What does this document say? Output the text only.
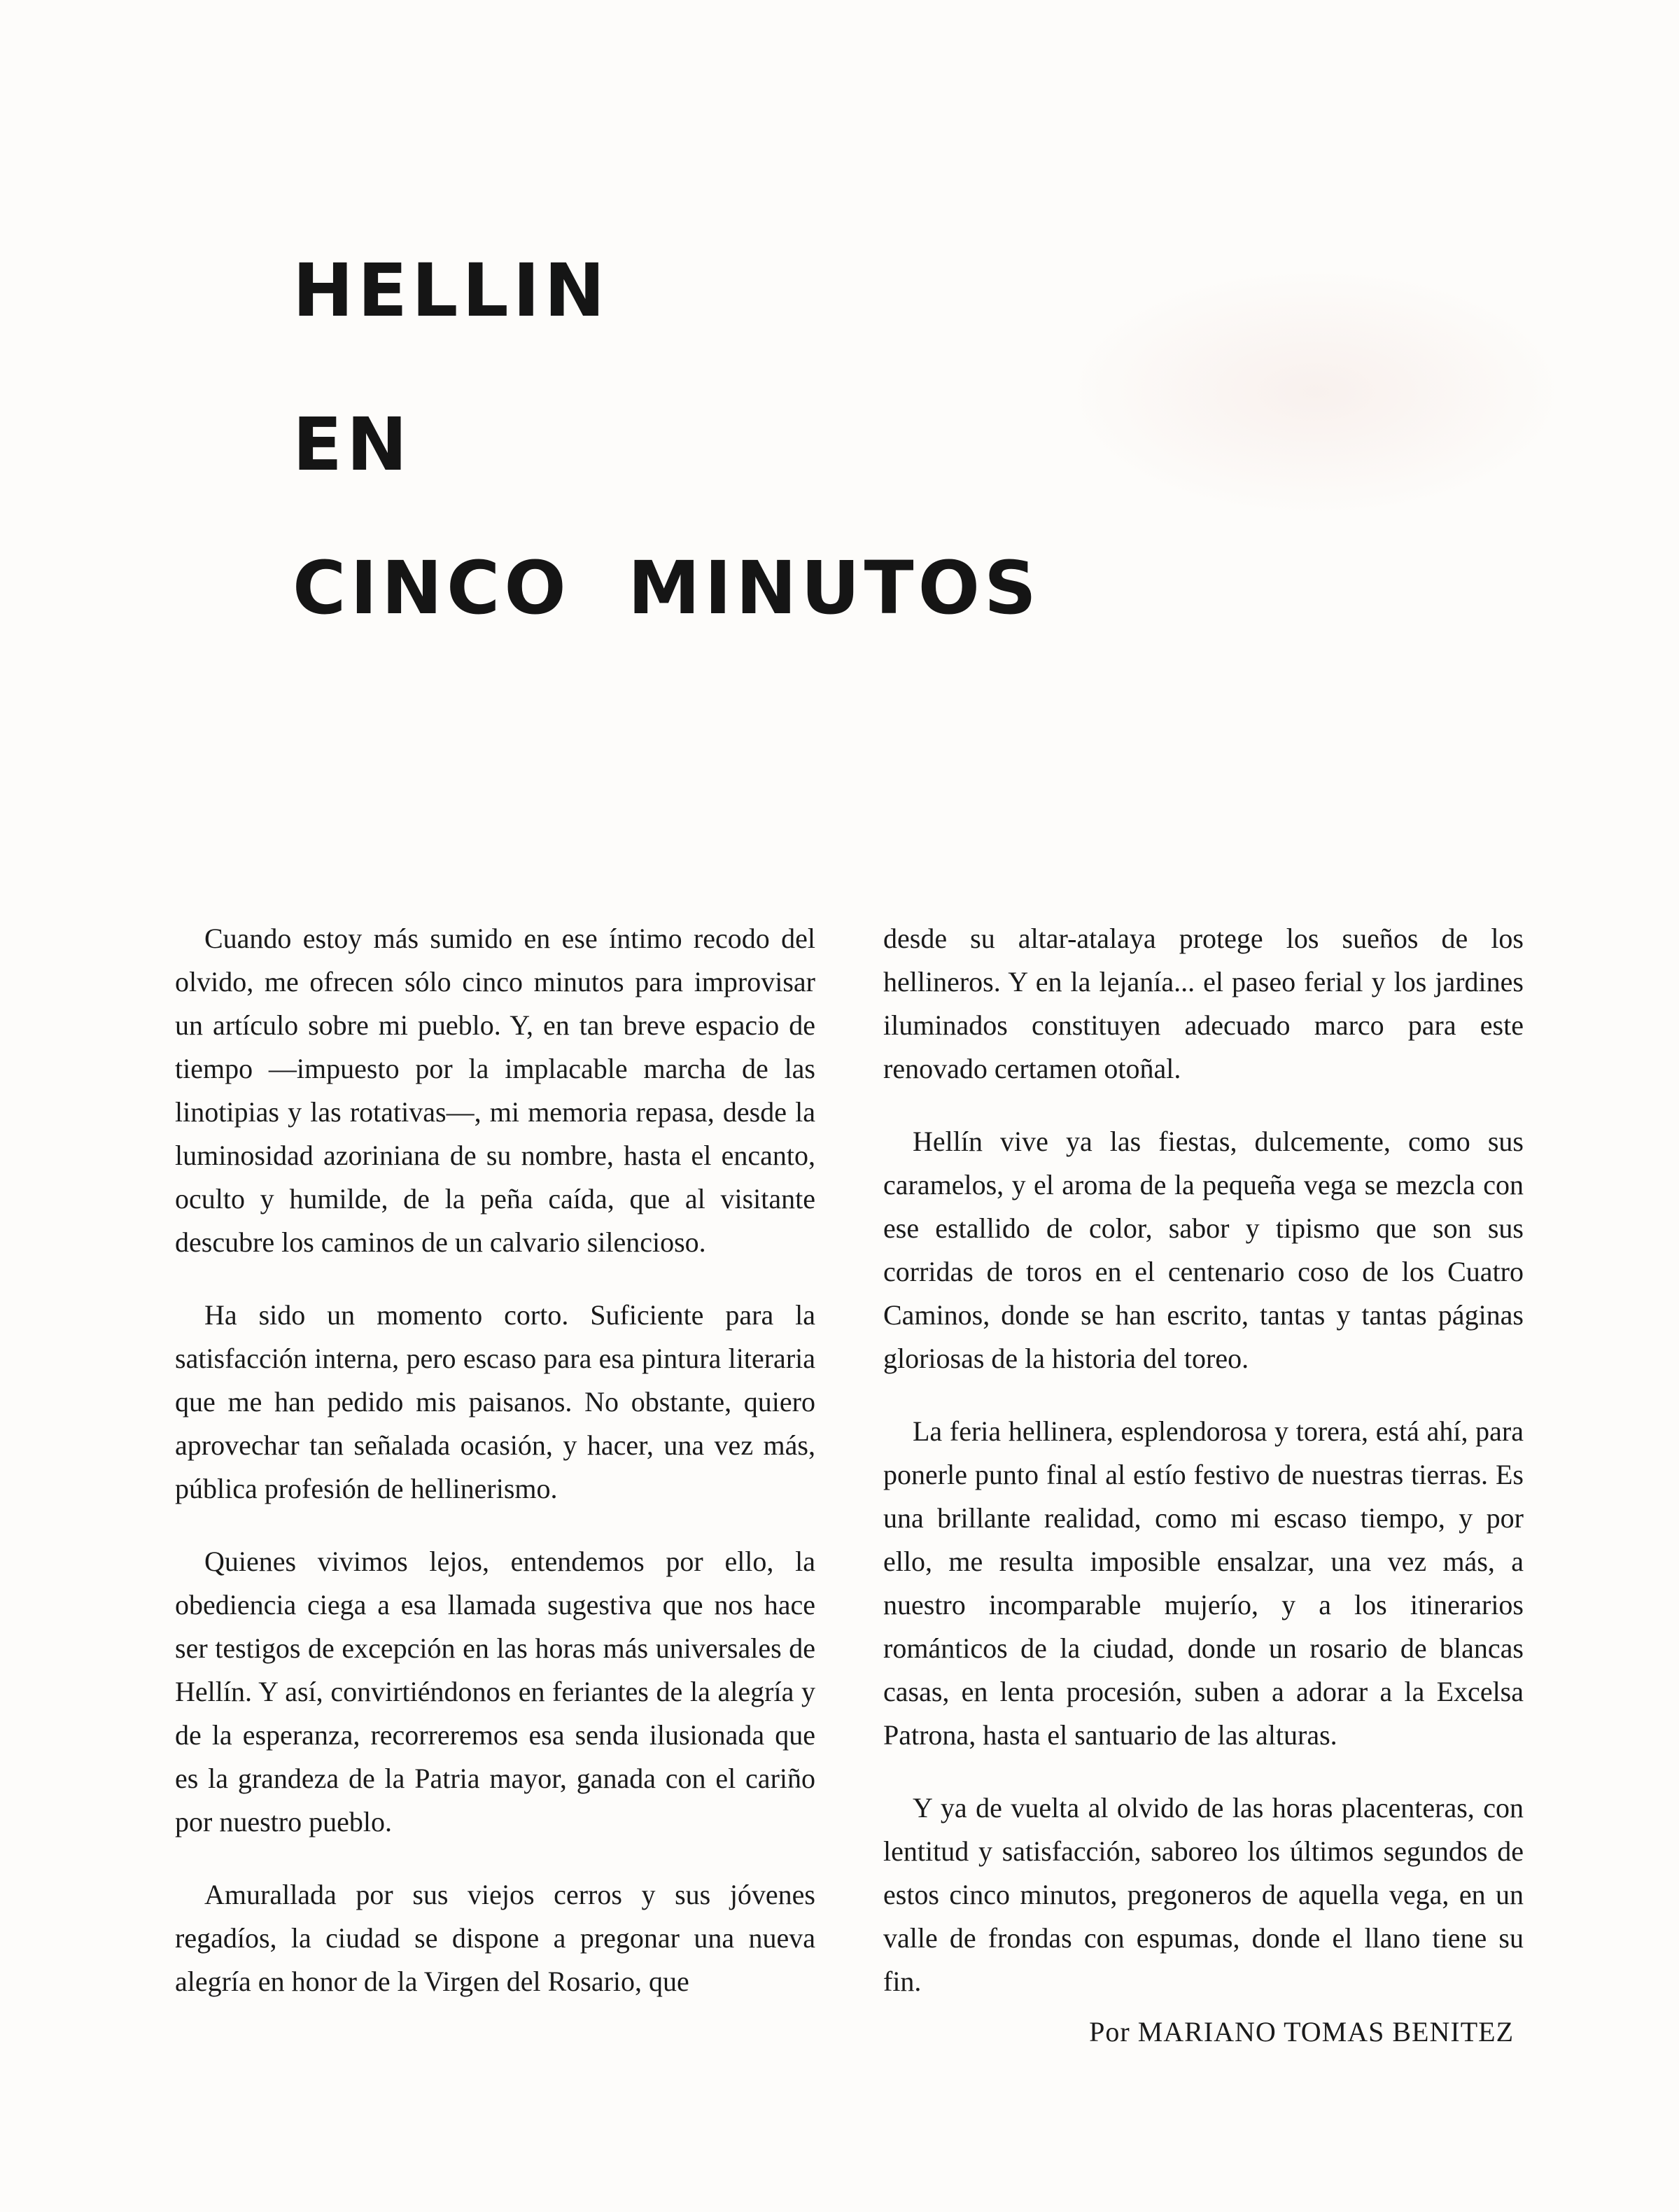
HELLIN
EN
CINCO MINUTOS

Cuando estoy más sumido en ese íntimo recodo del olvido, me ofrecen sólo cinco minutos para improvisar un artículo sobre mi pueblo. Y, en tan breve espacio de tiempo —impuesto por la implacable marcha de las linotipias y las rotativas—, mi memoria repasa, desde la luminosidad azoriniana de su nombre, hasta el encanto, oculto y humilde, de la peña caída, que al visitante descubre los caminos de un calvario silencioso.

Ha sido un momento corto. Suficiente para la satisfacción interna, pero escaso para esa pintura literaria que me han pedido mis paisanos. No obstante, quiero aprovechar tan señalada ocasión, y hacer, una vez más, pública profesión de hellinerismo.

Quienes vivimos lejos, entendemos por ello, la obediencia ciega a esa llamada sugestiva que nos hace ser testigos de excepción en las horas más universales de Hellín. Y así, convirtiéndonos en feriantes de la alegría y de la esperanza, recorreremos esa senda ilusionada que es la grandeza de la Patria mayor, ganada con el cariño por nuestro pueblo.

Amurallada por sus viejos cerros y sus jóvenes regadíos, la ciudad se dispone a pregonar una nueva alegría en honor de la Virgen del Rosario, que

desde su altar-atalaya protege los sueños de los hellineros. Y en la lejanía... el paseo ferial y los jardines iluminados constituyen adecuado marco para este renovado certamen otoñal.

Hellín vive ya las fiestas, dulcemente, como sus caramelos, y el aroma de la pequeña vega se mezcla con ese estallido de color, sabor y tipismo que son sus corridas de toros en el centenario coso de los Cuatro Caminos, donde se han escrito, tantas y tantas páginas gloriosas de la historia del toreo.

La feria hellinera, esplendorosa y torera, está ahí, para ponerle punto final al estío festivo de nuestras tierras. Es una brillante realidad, como mi escaso tiempo, y por ello, me resulta imposible ensalzar, una vez más, a nuestro incomparable mujerío, y a los itinerarios románticos de la ciudad, donde un rosario de blancas casas, en lenta procesión, suben a adorar a la Excelsa Patrona, hasta el santuario de las alturas.

Y ya de vuelta al olvido de las horas placenteras, con lentitud y satisfacción, saboreo los últimos segundos de estos cinco minutos, pregoneros de aquella vega, en un valle de frondas con espumas, donde el llano tiene su fin.

Por MARIANO TOMAS BENITEZ
